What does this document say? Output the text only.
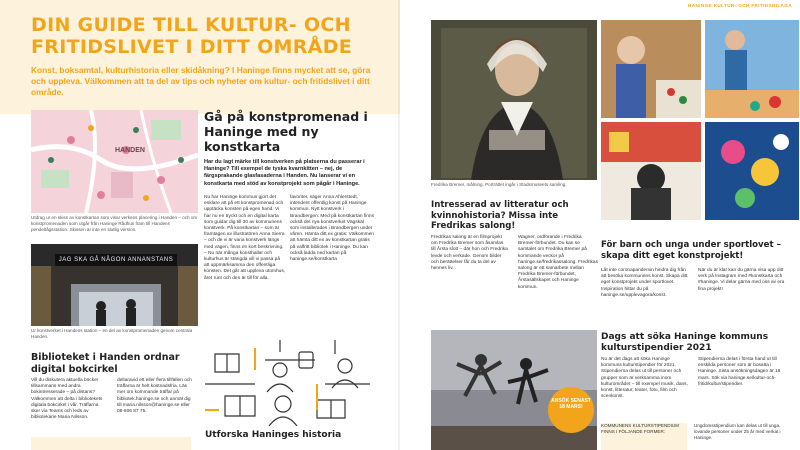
DIN GUIDE TILL KULTUR- OCH FRITIDSLIVET I DITT OMRÅDE
Konst, boksamtal, kulturhistoria eller skidåkning? I Haninge finns mycket att se, göra och uppleva. Välkommen att ta del av tips och nyheter om kultur- och fritidslivet i ditt område.
HANDEN
Utdrag ur en skiss av konstkartan som visar verkens placering i Handen – och om konstpromenaden som utgår från Haninge Rådhus fram till Handens pendeltågsstation. Skissen är inte en slutlig version.
JAG SKA GÅ NÅGON ANNANSTANS
Ur konstverket i Handens station – en del av konstpromenaden genom centrala Handen.
Gå på konstpromenad i Haninge med ny konstkarta
Har du lagt märke till konstverken på platserna du passerar i Haninge? Till exempel de tyska kvarnkitten – nej, de färgsprakande glasfasaderna i Handen. Nu lanserar vi en konstkarta med stöd av konstprojekt som pågår i Haninge.
Nu har Haninge kommun gjort det enklare att på ett konstpromenad och upptäcka konsten på egen hand. Vi har nu en tryckt och en digital karta som guidar dig till 30 av kommunens konstverk. På konstkartan – som är framtagen av illustratören Anna Sierra – och de vi är vana konstverk längs med vägen, finns en kort beskrivning. – Nu när många konsthallar och kulturhus är stängda vill vi passa på att uppmärksamma den offentliga konsten. Det går att uppleva utomhus, året runt och den är till för alla.
favoriter, säger Anna Ahlerstedt, intendent offentlig konst på Haninge kommun. Nytt konstverk i Brandbergen: Med på konstkartan finns också det nya konstverket Vägskäl som installerades i Brandbergen under våren. Hämta ditt ex gratis: Välkommen att hämta ditt ex av konstkartan gratis på valfritt bibliotek i Haninge. Du kan också ladda ned kartan på haninge.se/konstkarta
Biblioteket i Handen ordnar digital bokcirkel
Vill du diskutera aktuella böcker tillsammans med andra bokintresserade – på distans? Välkommen att delta i bibliotekets digitala bokcirkel i vår. Träffarna sker via Teams och leds av bibliotekarie Maria Nilsson.
deltaravid ett eller flera tillfällen och träffarna är helt kostnadsfria. Läs mer om kommande träffar på bibliotek.haninge.se och anmäl dig till maria.nilsson@haninge.se eller 08-606 87 75.
Utforska Haninges historia
HANINGE KULTUR- OCH FRITIDSBILAGA
Fredrika Bremer, målning. Porträttet ingår i Stadsmuseets samling.
Intresserad av litteratur och kvinnohistoria? Missa inte Fredrikas salong!
Fredrikas salong är en filmprojekt om Fredrika Bremer som åsamlas till Årsta slott – där hon och Fredrika levde och verkade. Genom bilder och berättelser får du ta del av hennes liv.
Wagner, ordförande i Fredrika Bremer-förbundet. Du kan se samtalet om Fredrika Bremer på kommande veckor på haninge.se/fredrikassalong. Fredrikas salong är ett samarbete mellan Fredrika Bremer-förbundet, Årstasällskapet och Haninge kommun.
För barn och unga under sportlovet – skapa ditt eget konstprojekt!
Låt inte coronapandemin hindra dig från att besöka kommunens konst. Skapa ditt eget konstprojekt under sportlovet. Inspiration hittar du på haninge.se/upplevagora/konst.
När du är klar kan du gärna visa upp ditt verk på Instagram med #konstkarta och #haninge. Vi delar gärna med oss av era fina projekt!
ANSÖK SENAST 18 MARS!
Dags att söka Haninge kommuns kulturstipendier 2021
Nu är det dags att söka Haninge kommuns kulturstipendier för 2021. Stipendierna delas ut till personer och grupper som är verksamma inom kulturområdet – till exempel musik, dans, konst, litteratur, teater, foto, film och scenkonst.
Stipendierna delas i första hand ut till enskilda personer som är bosatta i Haninge. Sista ansökningsdagen är 18 mars. Sök via haninge.se/kultur-och-fritid/kultur/stipendier.
KOMMUNENS KULTURSTIPENDIUM FINNS I FÖLJANDE FORMER:
Ungdomsstipendium kan delas ut till unga, lovande personer under 25 år med verkat i Haninge.
